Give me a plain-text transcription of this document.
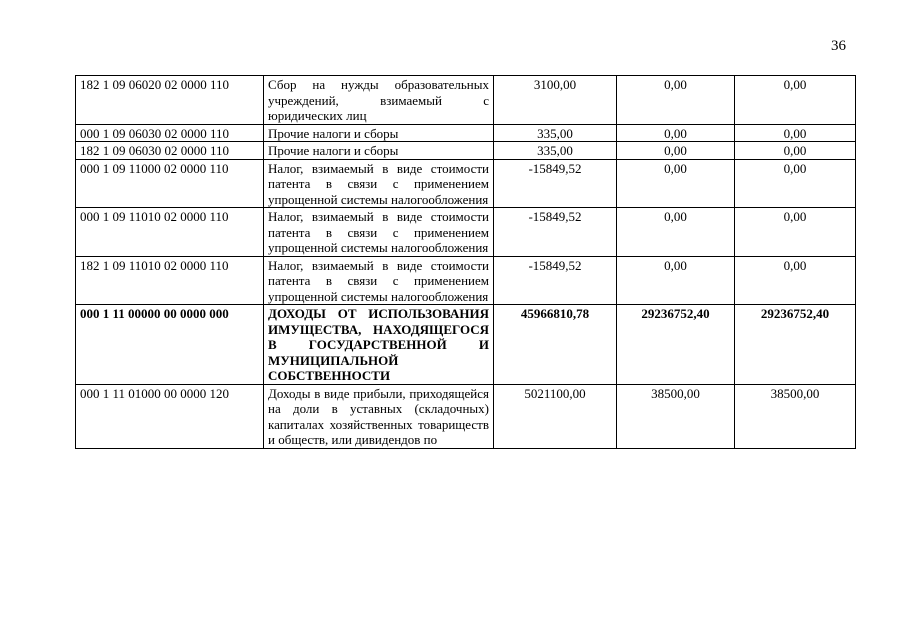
36
182 1 09 06020 02 0000 110	Сбор на нужды образовательных учреждений, взимаемый с юридических лиц	3100,00	0,00	0,00
000 1 09 06030 02 0000 110	Прочие налоги и сборы	335,00	0,00	0,00
182 1 09 06030 02 0000 110	Прочие налоги и сборы	335,00	0,00	0,00
000 1 09 11000 02 0000 110	Налог, взимаемый в виде стоимости патента в связи с применением упрощенной системы налогообложения	-15849,52	0,00	0,00
000 1 09 11010 02 0000 110	Налог, взимаемый в виде стоимости патента в связи с применением упрощенной системы налогообложения	-15849,52	0,00	0,00
182 1 09 11010 02 0000 110	Налог, взимаемый в виде стоимости патента в связи с применением упрощенной системы налогообложения	-15849,52	0,00	0,00
000 1 11 00000 00 0000 000	ДОХОДЫ ОТ ИСПОЛЬЗОВАНИЯ ИМУЩЕСТВА, НАХОДЯЩЕГОСЯ В ГОСУДАРСТВЕННОЙ И МУНИЦИПАЛЬНОЙ СОБСТВЕННОСТИ	45966810,78	29236752,40	29236752,40
000 1 11 01000 00 0000 120	Доходы в виде прибыли, приходящейся на доли в уставных (складочных) капиталах хозяйственных товариществ и обществ, или дивидендов по	5021100,00	38500,00	38500,00
